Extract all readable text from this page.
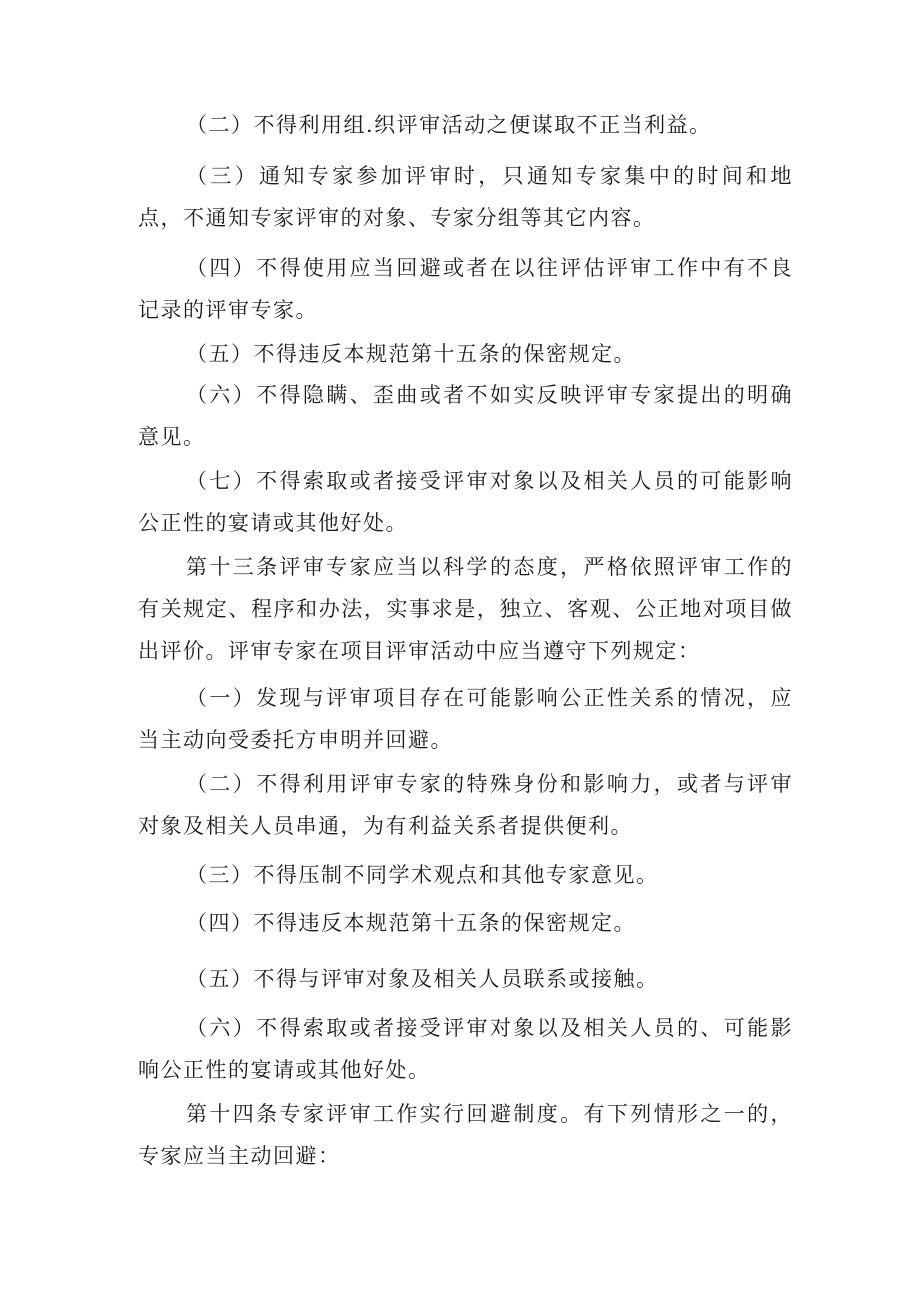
（二）不得利用组.织评审活动之便谋取不正当利益。

（三）通知专家参加评审时，只通知专家集中的时间和地点，不通知专家评审的对象、专家分组等其它内容。

（四）不得使用应当回避或者在以往评估评审工作中有不良记录的评审专家。

（五）不得违反本规范第十五条的保密规定。

（六）不得隐瞒、歪曲或者不如实反映评审专家提出的明确意见。

（七）不得索取或者接受评审对象以及相关人员的可能影响公正性的宴请或其他好处。

第十三条评审专家应当以科学的态度，严格依照评审工作的有关规定、程序和办法，实事求是，独立、客观、公正地对项目做出评价。评审专家在项目评审活动中应当遵守下列规定：

（一）发现与评审项目存在可能影响公正性关系的情况，应当主动向受委托方申明并回避。

（二）不得利用评审专家的特殊身份和影响力，或者与评审对象及相关人员串通，为有利益关系者提供便利。

（三）不得压制不同学术观点和其他专家意见。

（四）不得违反本规范第十五条的保密规定。

（五）不得与评审对象及相关人员联系或接触。

（六）不得索取或者接受评审对象以及相关人员的、可能影响公正性的宴请或其他好处。

第十四条专家评审工作实行回避制度。有下列情形之一的，专家应当主动回避：
